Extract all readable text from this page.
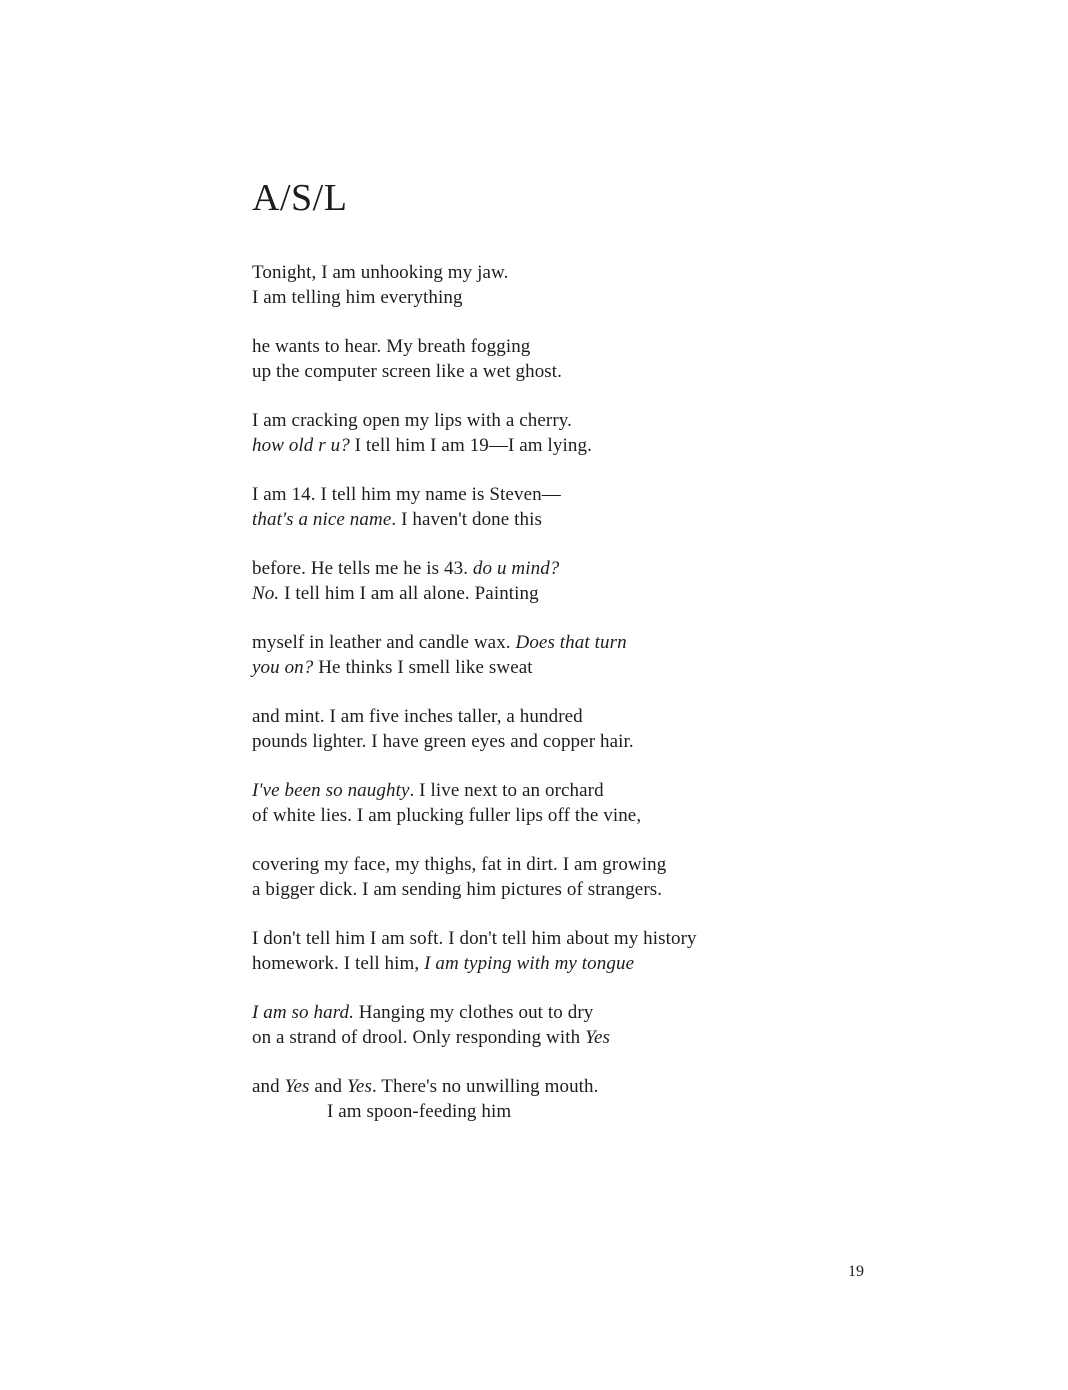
A/S/L
Tonight, I am unhooking my jaw.
I am telling him everything
he wants to hear. My breath fogging
up the computer screen like a wet ghost.
I am cracking open my lips with a cherry.
how old r u? I tell him I am 19—I am lying.
I am 14. I tell him my name is Steven—
that's a nice name. I haven't done this
before. He tells me he is 43. do u mind?
No. I tell him I am all alone. Painting
myself in leather and candle wax. Does that turn
you on? He thinks I smell like sweat
and mint. I am five inches taller, a hundred
pounds lighter. I have green eyes and copper hair.
I've been so naughty. I live next to an orchard
of white lies. I am plucking fuller lips off the vine,
covering my face, my thighs, fat in dirt. I am growing
a bigger dick. I am sending him pictures of strangers.
I don't tell him I am soft. I don't tell him about my history
homework. I tell him, I am typing with my tongue
I am so hard. Hanging my clothes out to dry
on a strand of drool. Only responding with Yes
and Yes and Yes. There's no unwilling mouth.
I am spoon-feeding him
19
